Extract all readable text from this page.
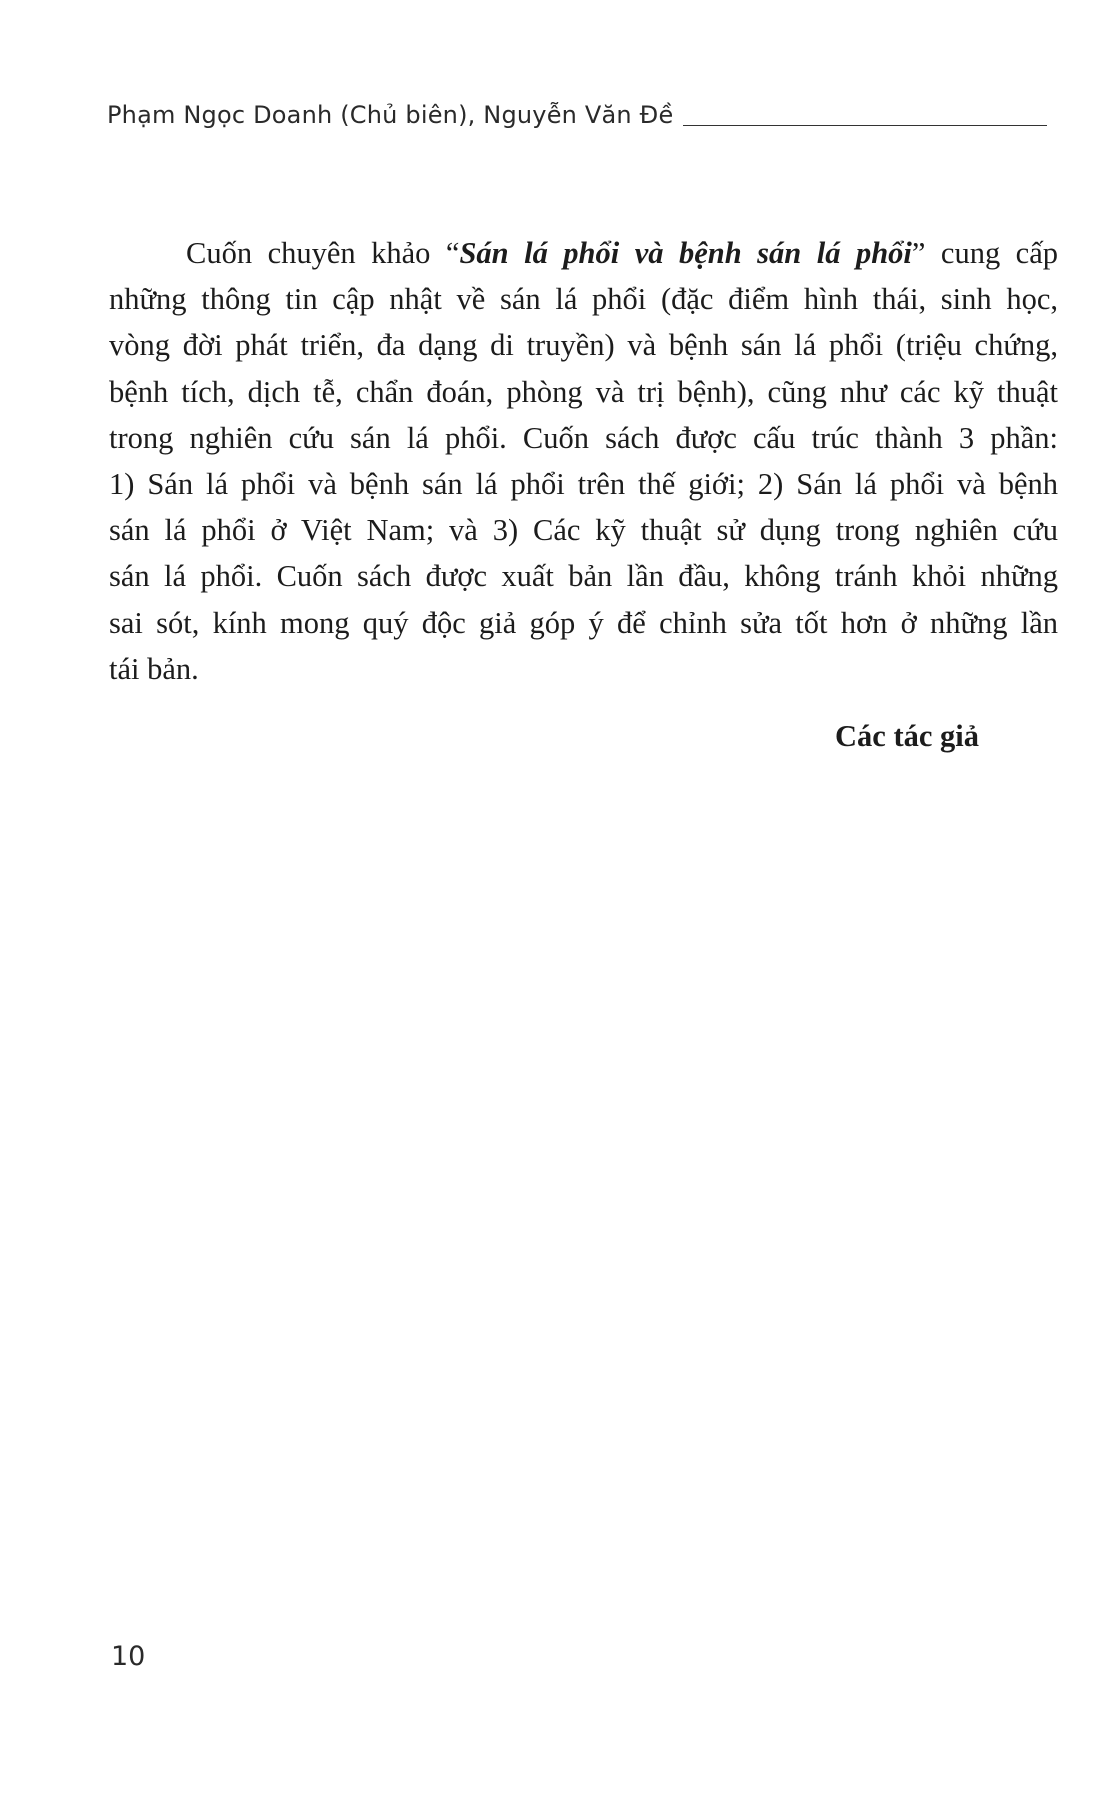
Phạm Ngọc Doanh (Chủ biên), Nguyễn Văn Đề
Cuốn chuyên khảo “Sán lá phổi và bệnh sán lá phổi” cung cấp
những thông tin cập nhật về sán lá phổi (đặc điểm hình thái, sinh học,
vòng đời phát triển, đa dạng di truyền) và bệnh sán lá phổi (triệu chứng,
bệnh tích, dịch tễ, chẩn đoán, phòng và trị bệnh), cũng như các kỹ thuật
trong nghiên cứu sán lá phổi. Cuốn sách được cấu trúc thành 3 phần:
1) Sán lá phổi và bệnh sán lá phổi trên thế giới; 2) Sán lá phổi và bệnh
sán lá phổi ở Việt Nam; và 3) Các kỹ thuật sử dụng trong nghiên cứu
sán lá phổi. Cuốn sách được xuất bản lần đầu, không tránh khỏi những
sai sót, kính mong quý độc giả góp ý để chỉnh sửa tốt hơn ở những lần
tái bản.
Các tác giả
10
